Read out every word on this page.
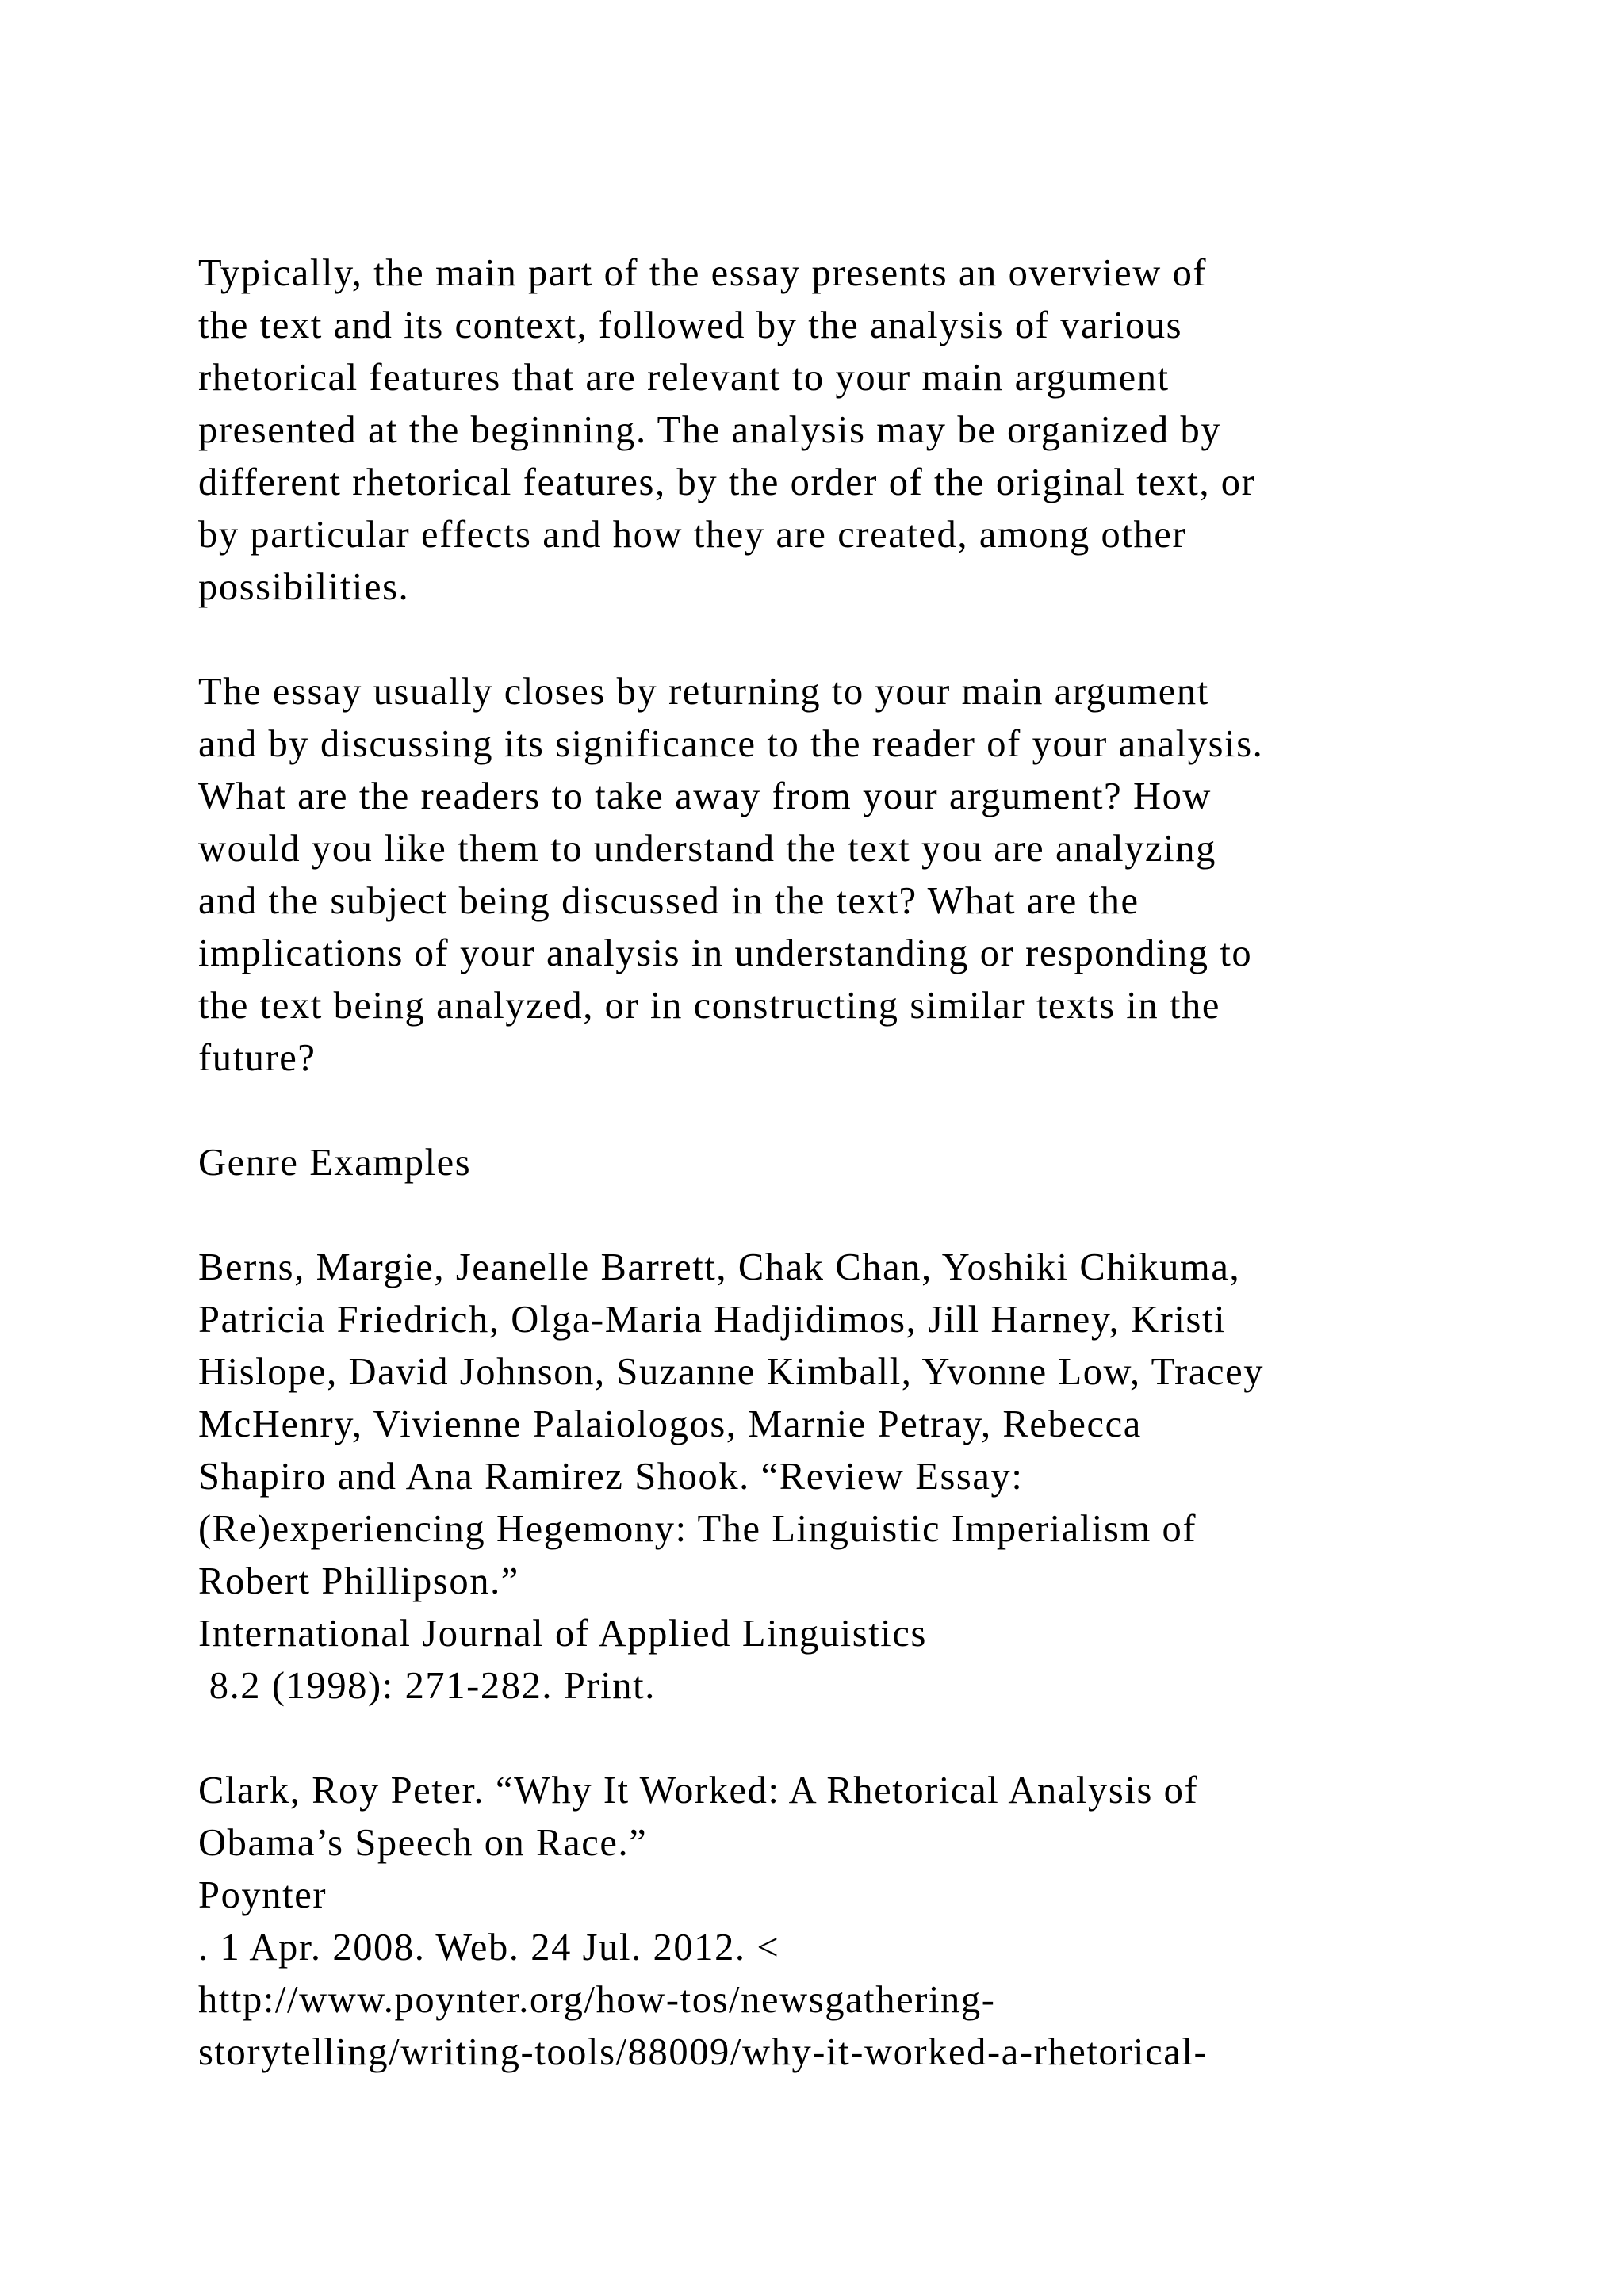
Typically, the main part of the essay presents an overview of
the text and its context, followed by the analysis of various
rhetorical features that are relevant to your main argument
presented at the beginning. The analysis may be organized by
different rhetorical features, by the order of the original text, or
by particular effects and how they are created, among other
possibilities.
The essay usually closes by returning to your main argument
and by discussing its significance to the reader of your analysis.
What are the readers to take away from your argument? How
would you like them to understand the text you are analyzing
and the subject being discussed in the text? What are the
implications of your analysis in understanding or responding to
the text being analyzed, or in constructing similar texts in the
future?
Genre Examples
Berns, Margie, Jeanelle Barrett, Chak Chan, Yoshiki Chikuma,
Patricia Friedrich, Olga-Maria Hadjidimos, Jill Harney, Kristi
Hislope, David Johnson, Suzanne Kimball, Yvonne Low, Tracey
McHenry, Vivienne Palaiologos, Marnie Petray, Rebecca
Shapiro and Ana Ramirez Shook. “Review Essay:
(Re)experiencing Hegemony: The Linguistic Imperialism of
Robert Phillipson.”
International Journal of Applied Linguistics
8.2 (1998): 271-282. Print.
Clark, Roy Peter. “Why It Worked: A Rhetorical Analysis of
Obama’s Speech on Race.”
Poynter
. 1 Apr. 2008. Web. 24 Jul. 2012. <
http://www.poynter.org/how-tos/newsgathering-
storytelling/writing-tools/88009/why-it-worked-a-rhetorical-
